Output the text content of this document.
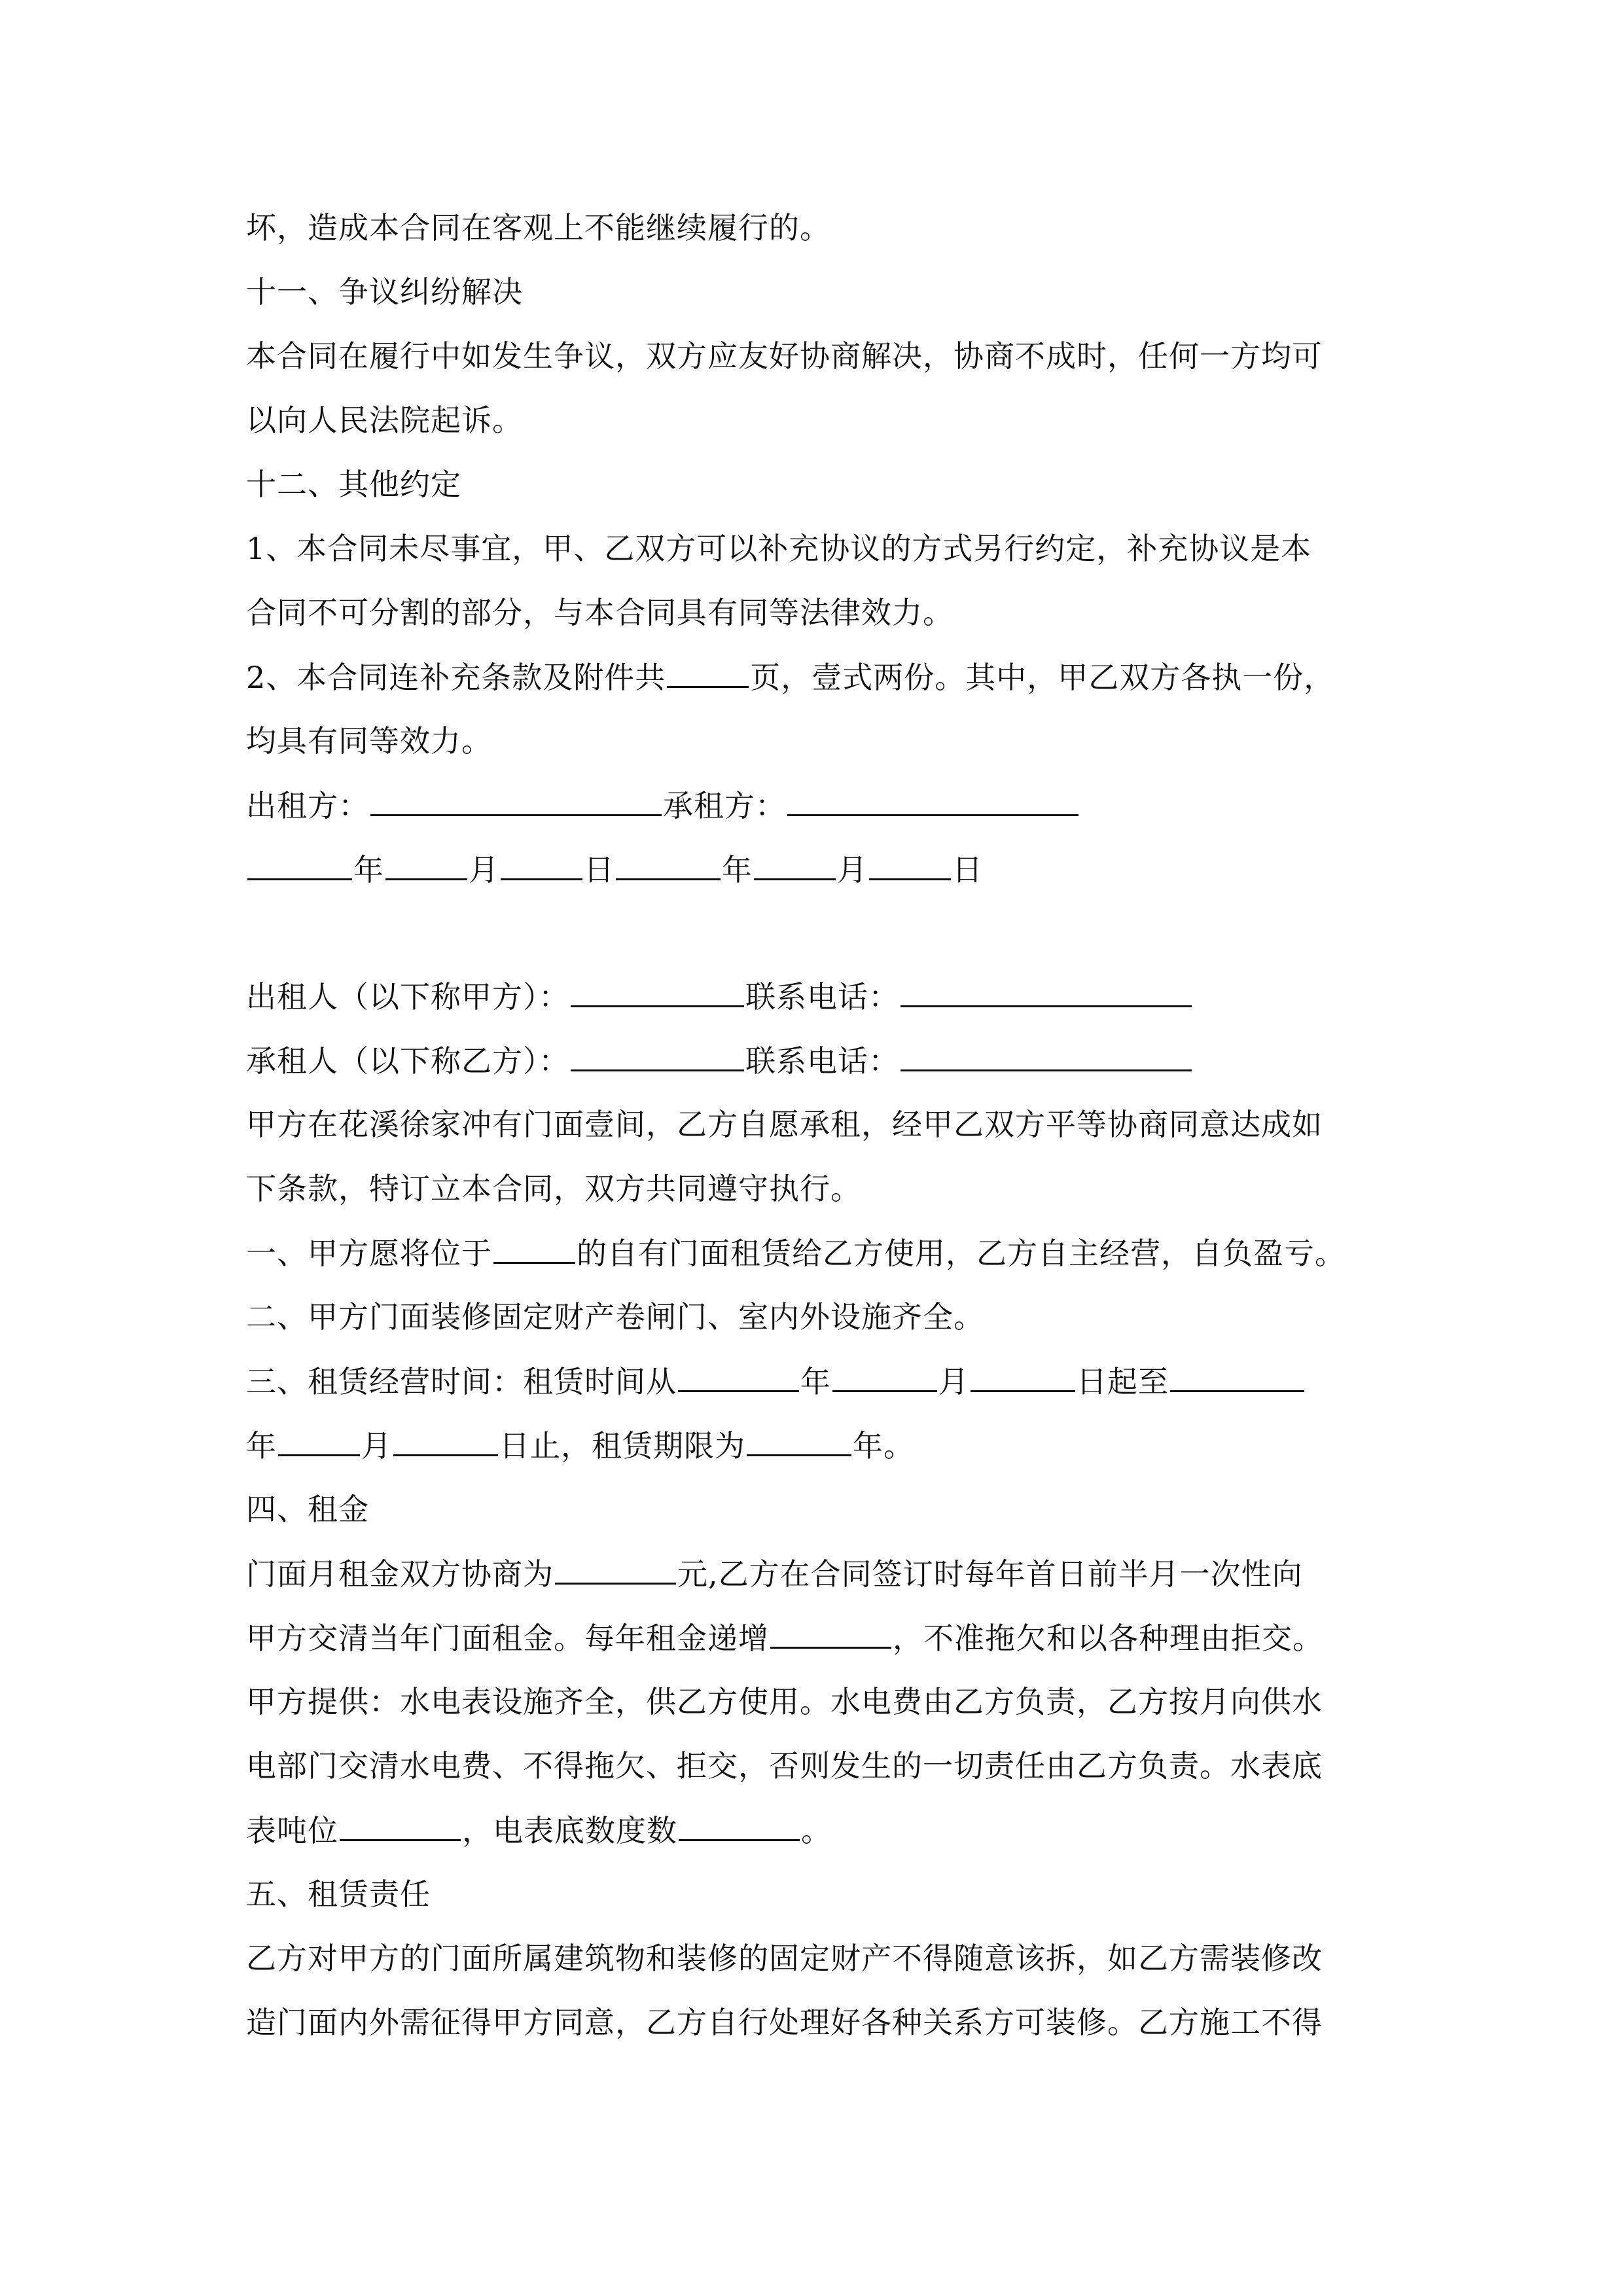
坏，造成本合同在客观上不能继续履行的。
十一、争议纠纷解决
本合同在履行中如发生争议，双方应友好协商解决，协商不成时，任何一方均可
以向人民法院起诉。
十二、其他约定
1、本合同未尽事宜，甲、乙双方可以补充协议的方式另行约定，补充协议是本
合同不可分割的部分，与本合同具有同等法律效力。
2、本合同连补充条款及附件共	页，壹式两份。其中，甲乙双方各执一份，
均具有同等效力。
出租方：	承租方：
年	月	日	年	月	日
出租人（以下称甲方）：	联系电话：
承租人（以下称乙方）：	联系电话：
甲方在花溪徐家冲有门面壹间，乙方自愿承租，经甲乙双方平等协商同意达成如
下条款，特订立本合同，双方共同遵守执行。
一、甲方愿将位于	的自有门面租赁给乙方使用，乙方自主经营，自负盈亏。
二、甲方门面装修固定财产卷闸门、室内外设施齐全。
三、租赁经营时间：租赁时间从	年	月	日起至
年	月	日止，租赁期限为	年。
四、租金
门面月租金双方协商为	元,乙方在合同签订时每年首日前半月一次性向
甲方交清当年门面租金。每年租金递增	，不准拖欠和以各种理由拒交。
甲方提供：水电表设施齐全，供乙方使用。水电费由乙方负责，乙方按月向供水
电部门交清水电费、不得拖欠、拒交，否则发生的一切责任由乙方负责。水表底
表吨位	，电表底数度数	。
五、租赁责任
乙方对甲方的门面所属建筑物和装修的固定财产不得随意该拆，如乙方需装修改
造门面内外需征得甲方同意，乙方自行处理好各种关系方可装修。乙方施工不得
